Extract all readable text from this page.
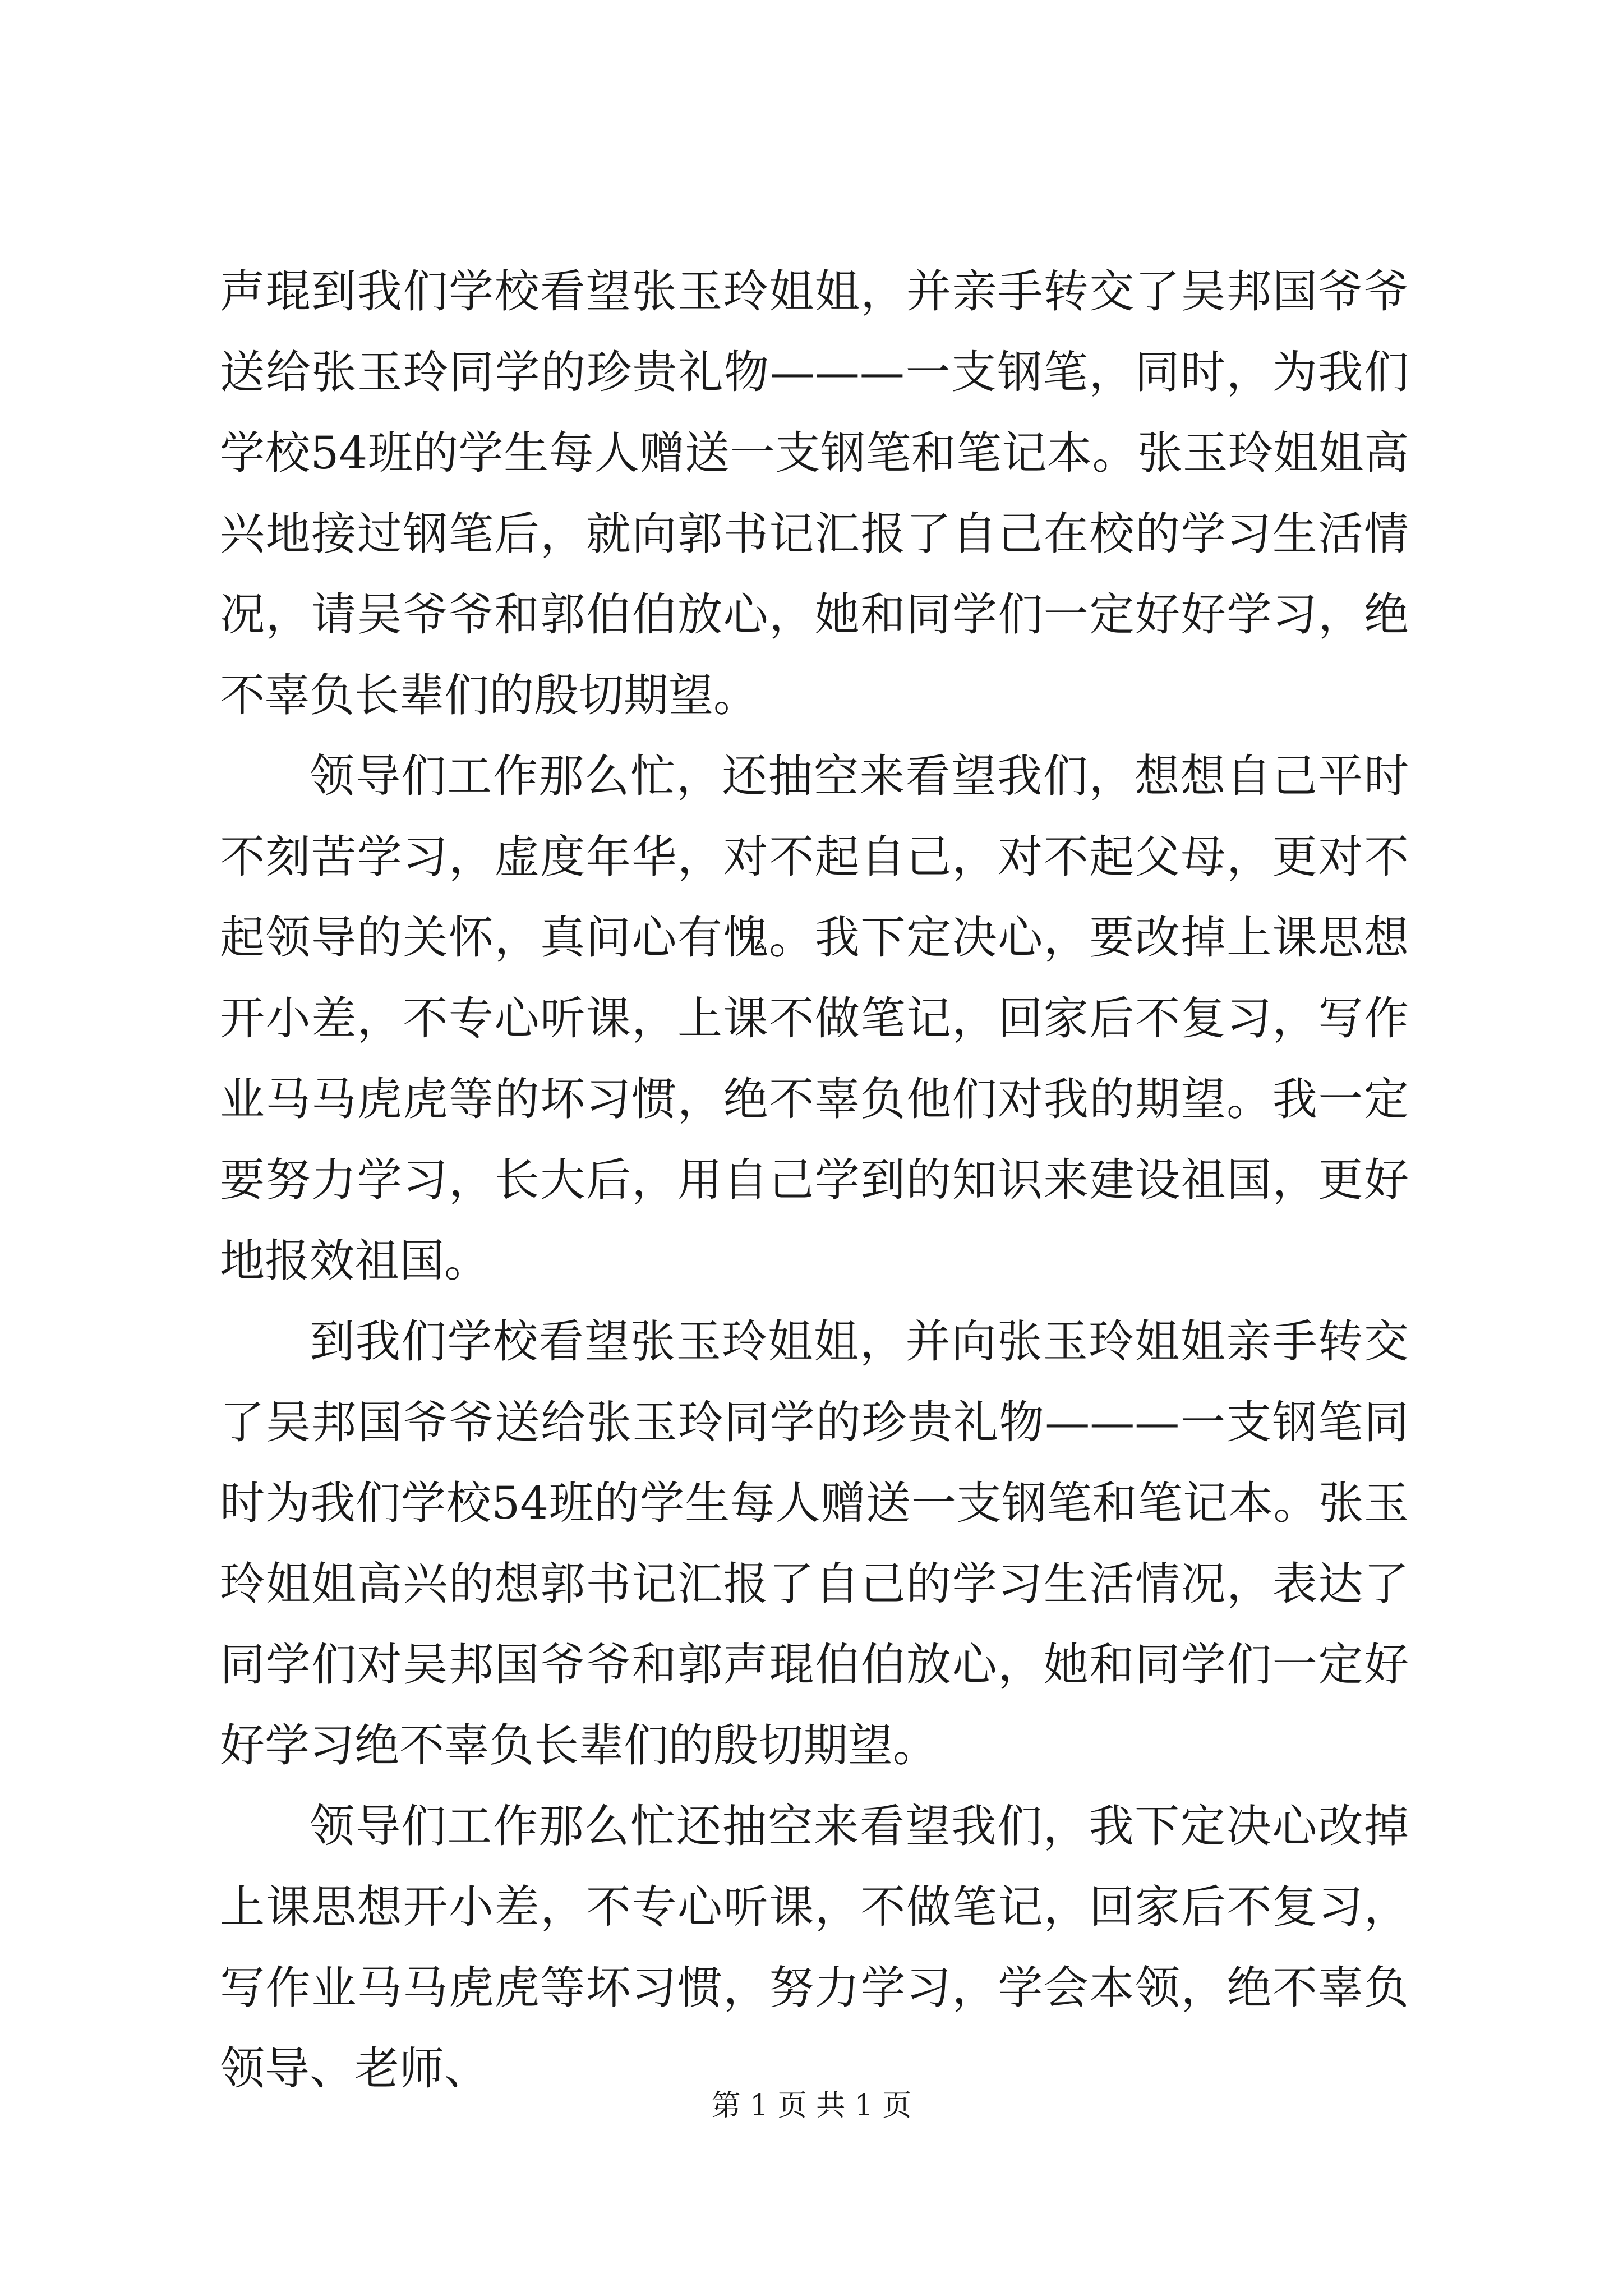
声琨到我们学校看望张玉玲姐姐，并亲手转交了吴邦国爷爷送给张玉玲同学的珍贵礼物———一支钢笔，同时，为我们学校54班的学生每人赠送一支钢笔和笔记本。张玉玲姐姐高兴地接过钢笔后，就向郭书记汇报了自己在校的学习生活情况，请吴爷爷和郭伯伯放心，她和同学们一定好好学习，绝不辜负长辈们的殷切期望。

领导们工作那么忙，还抽空来看望我们，想想自己平时不刻苦学习，虚度年华，对不起自己，对不起父母，更对不起领导的关怀，真问心有愧。我下定决心，要改掉上课思想开小差，不专心听课，上课不做笔记，回家后不复习，写作业马马虎虎等的坏习惯，绝不辜负他们对我的期望。我一定要努力学习，长大后，用自己学到的知识来建设祖国，更好地报效祖国。

到我们学校看望张玉玲姐姐，并向张玉玲姐姐亲手转交了吴邦国爷爷送给张玉玲同学的珍贵礼物———一支钢笔同时为我们学校54班的学生每人赠送一支钢笔和笔记本。张玉玲姐姐高兴的想郭书记汇报了自己的学习生活情况，表达了同学们对吴邦国爷爷和郭声琨伯伯放心，她和同学们一定好好学习绝不辜负长辈们的殷切期望。

领导们工作那么忙还抽空来看望我们，我下定决心改掉上课思想开小差，不专心听课，不做笔记，回家后不复习，写作业马马虎虎等坏习惯，努力学习，学会本领，绝不辜负领导、老师、

第 1 页 共 1 页
